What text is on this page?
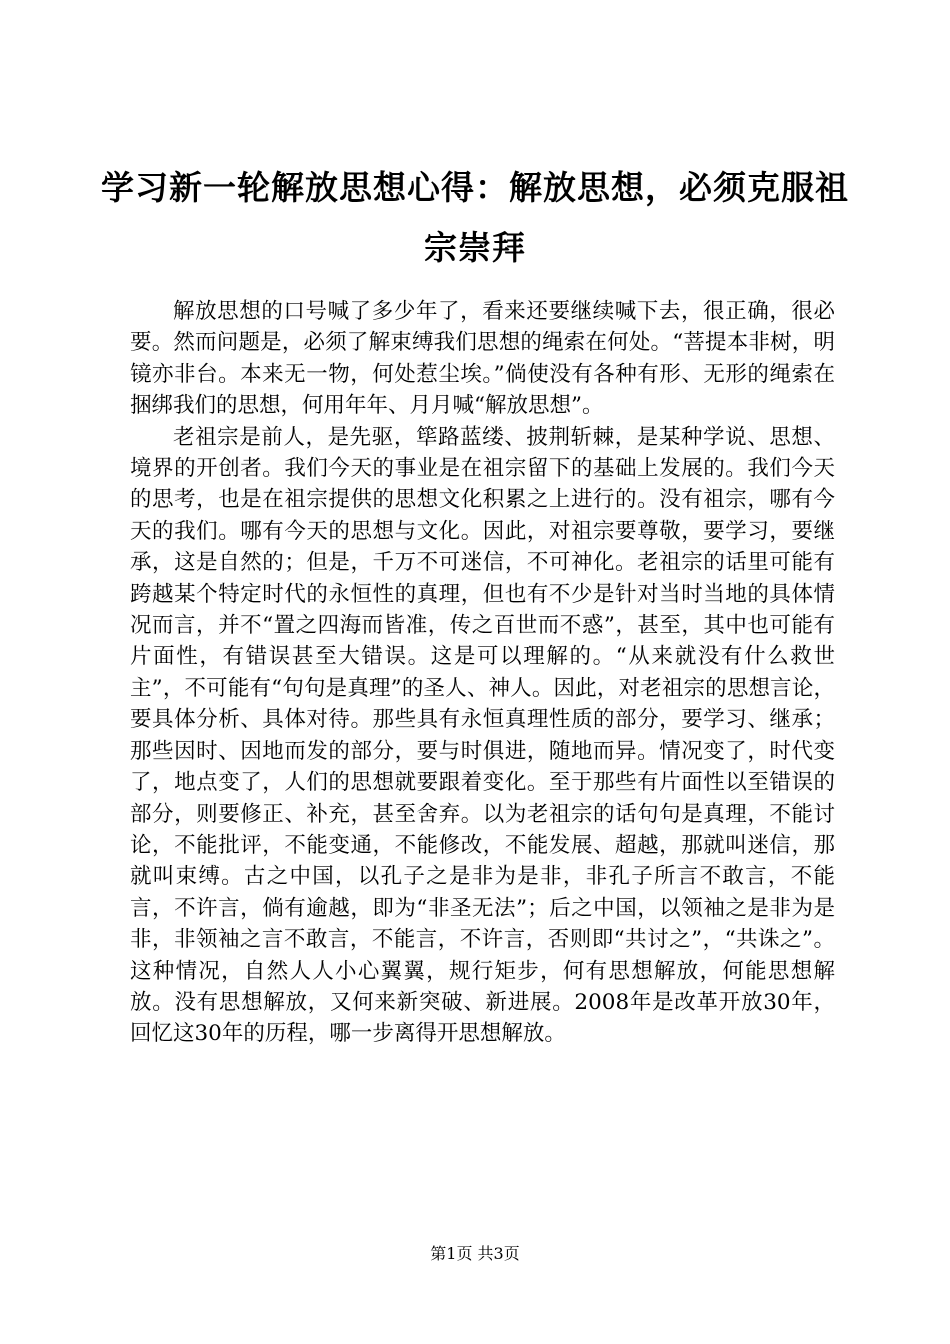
学习新一轮解放思想心得：解放思想，必须克服祖宗崇拜

解放思想的口号喊了多少年了，看来还要继续喊下去，很正确，很必要。然而问题是，必须了解束缚我们思想的绳索在何处。“菩提本非树，明镜亦非台。本来无一物，何处惹尘埃。”倘使没有各种有形、无形的绳索在捆绑我们的思想，何用年年、月月喊“解放思想”。

老祖宗是前人，是先驱，筚路蓝缕、披荆斩棘，是某种学说、思想、境界的开创者。我们今天的事业是在祖宗留下的基础上发展的。我们今天的思考，也是在祖宗提供的思想文化积累之上进行的。没有祖宗，哪有今天的我们。哪有今天的思想与文化。因此，对祖宗要尊敬，要学习，要继承，这是自然的；但是，千万不可迷信，不可神化。老祖宗的话里可能有跨越某个特定时代的永恒性的真理，但也有不少是针对当时当地的具体情况而言，并不“置之四海而皆准，传之百世而不惑”，甚至，其中也可能有片面性，有错误甚至大错误。这是可以理解的。“从来就没有什么救世主”，不可能有“句句是真理”的圣人、神人。因此，对老祖宗的思想言论，要具体分析、具体对待。那些具有永恒真理性质的部分，要学习、继承；那些因时、因地而发的部分，要与时俱进，随地而异。情况变了，时代变了，地点变了，人们的思想就要跟着变化。至于那些有片面性以至错误的部分，则要修正、补充，甚至舍弃。以为老祖宗的话句句是真理，不能讨论，不能批评，不能变通，不能修改，不能发展、超越，那就叫迷信，那就叫束缚。古之中国，以孔子之是非为是非，非孔子所言不敢言，不能言，不许言，倘有逾越，即为“非圣无法”；后之中国，以领袖之是非为是非，非领袖之言不敢言，不能言，不许言，否则即“共讨之”，“共诛之”。这种情况，自然人人小心翼翼，规行矩步，何有思想解放，何能思想解放。没有思想解放，又何来新突破、新进展。2008年是改革开放30年，回忆这30年的历程，哪一步离得开思想解放。

第1页 共3页
